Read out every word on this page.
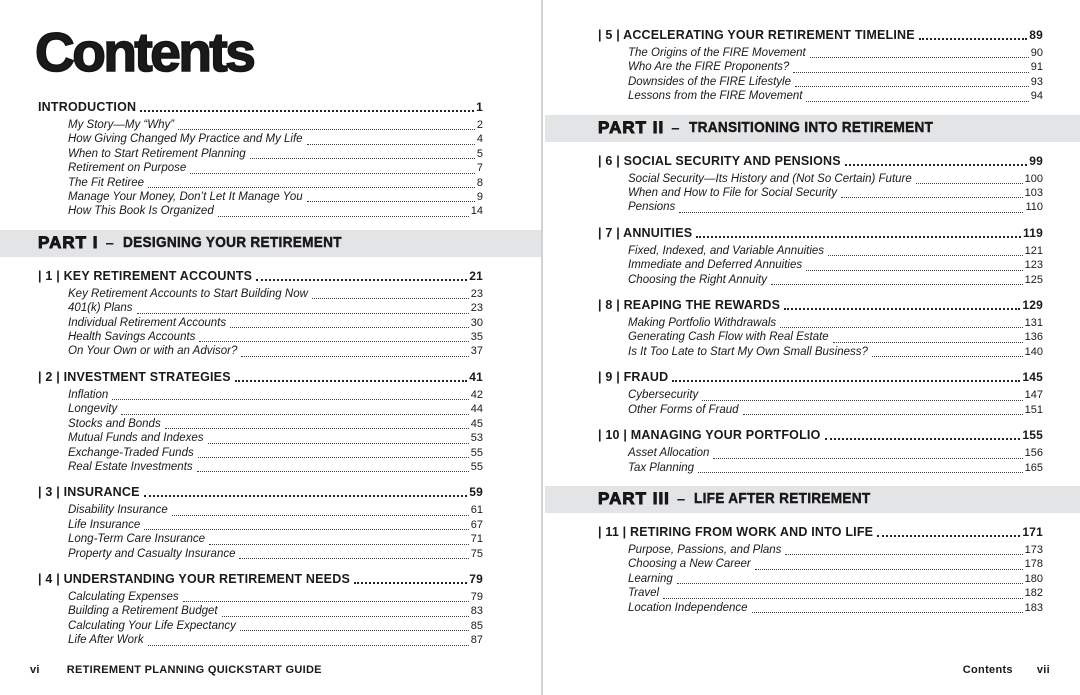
Contents
INTRODUCTION	1
My Story—My “Why”	2
How Giving Changed My Practice and My Life	4
When to Start Retirement Planning	5
Retirement on Purpose	7
The Fit Retiree	8
Manage Your Money, Don’t Let It Manage You	9
How This Book Is Organized	14
PART I – DESIGNING YOUR RETIREMENT
| 1 | KEY RETIREMENT ACCOUNTS	21
Key Retirement Accounts to Start Building Now	23
401(k) Plans	23
Individual Retirement Accounts	30
Health Savings Accounts	35
On Your Own or with an Advisor?	37
| 2 | INVESTMENT STRATEGIES	41
Inflation	42
Longevity	44
Stocks and Bonds	45
Mutual Funds and Indexes	53
Exchange-Traded Funds	55
Real Estate Investments	55
| 3 | INSURANCE	59
Disability Insurance	61
Life Insurance	67
Long-Term Care Insurance	71
Property and Casualty Insurance	75
| 4 | UNDERSTANDING YOUR RETIREMENT NEEDS	79
Calculating Expenses	79
Building a Retirement Budget	83
Calculating Your Life Expectancy	85
Life After Work	87
vi RETIREMENT PLANNING QUICKSTART GUIDE
| 5 | ACCELERATING YOUR RETIREMENT TIMELINE	89
The Origins of the FIRE Movement	90
Who Are the FIRE Proponents?	91
Downsides of the FIRE Lifestyle	93
Lessons from the FIRE Movement	94
PART II – TRANSITIONING INTO RETIREMENT
| 6 | SOCIAL SECURITY AND PENSIONS	99
Social Security—Its History and (Not So Certain) Future	100
When and How to File for Social Security	103
Pensions	110
| 7 | ANNUITIES	119
Fixed, Indexed, and Variable Annuities	121
Immediate and Deferred Annuities	123
Choosing the Right Annuity	125
| 8 | REAPING THE REWARDS	129
Making Portfolio Withdrawals	131
Generating Cash Flow with Real Estate	136
Is It Too Late to Start My Own Small Business?	140
| 9 | FRAUD	145
Cybersecurity	147
Other Forms of Fraud	151
| 10 | MANAGING YOUR PORTFOLIO	155
Asset Allocation	156
Tax Planning	165
PART III – LIFE AFTER RETIREMENT
| 11 | RETIRING FROM WORK AND INTO LIFE	171
Purpose, Passions, and Plans	173
Choosing a New Career	178
Learning	180
Travel	182
Location Independence	183
Contents vii
